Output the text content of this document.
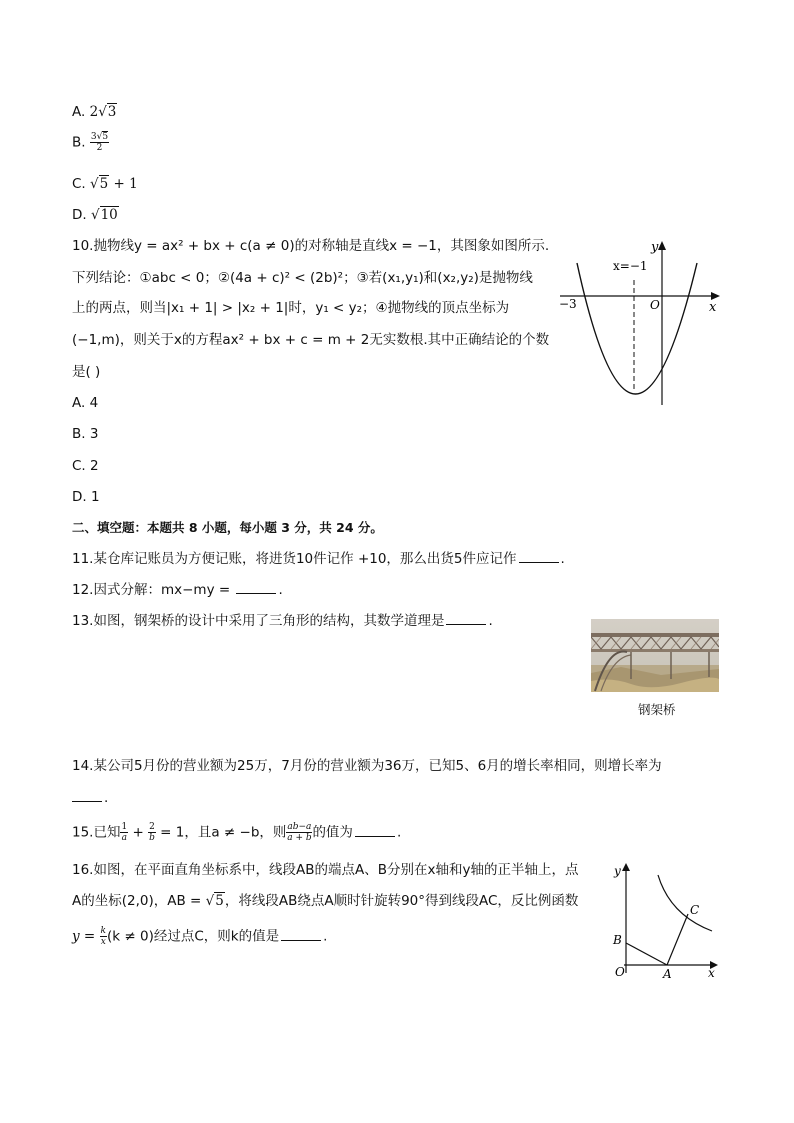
A. 2√3
B. $\frac{3√5}{2}$
C. √5 + 1
D. √10
10.抛物线y = ax² + bx + c(a ≠ 0)的对称轴是直线x = −1，其图象如图所示.
下列结论：①abc < 0；②(4a + c)² < (2b)²；③若(x₁,y₁)和(x₂,y₂)是抛物线
上的两点，则当|x₁ + 1| > |x₂ + 1|时，y₁ < y₂；④抛物线的顶点坐标为
(−1,m)，则关于x的方程ax² + bx + c = m + 2无实数根.其中正确结论的个数
是( )
A. 4
B. 3
C. 2
D. 1
y
x
x=−1
−3	O
二、填空题：本题共 8 小题，每小题 3 分，共 24 分。
11.某仓库记账员为方便记账，将进货10件记作 +10，那么出货5件应记作	.
12.因式分解：mx−my =	.
13.如图，钢架桥的设计中采用了三角形的结构，其数学道理是	.
钢架桥
14.某公司5月份的营业额为25万，7月份的营业额为36万，已知5、6月的增长率相同，则增长率为
.
15.已知 $\frac{1}{a} + \frac{2}{b} = 1$，且a ≠ −b，则 $\frac{ab-a}{a + b}$ 的值为	.
16.如图，在平面直角坐标系中，线段AB的端点A、B分别在x轴和y轴的正半轴上，点
A的坐标(2,0)，AB = √5，将线段AB绕点A顺时针旋转90°得到线段AC，反比例函数
$y = \frac{k}{x} (k \ne 0)$经过点C，则k的值是	.
y
x
O	A
B
C
